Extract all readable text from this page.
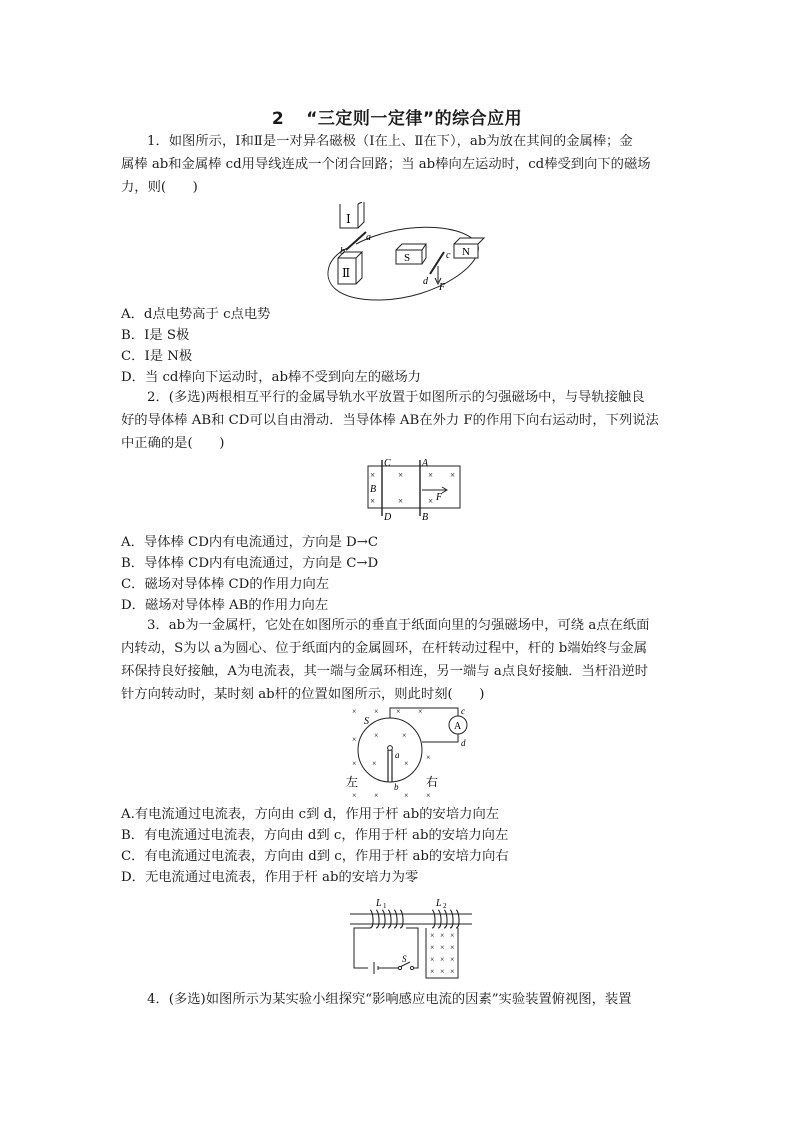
2 “三定则一定律”的综合应用
1．如图所示，Ⅰ和Ⅱ是一对异名磁极（Ⅰ在上、Ⅱ在下），ab为放在其间的金属棒；金
属棒 ab和金属棒 cd用导线连成一个闭合回路；当 ab棒向左运动时，cd棒受到向下的磁场
力，则(　　)
Ⅰ
Ⅱ
a
b
S	N
c
d
F
A．d点电势高于 c点电势
B．Ⅰ是 S极
C．Ⅰ是 N极
D．当 cd棒向下运动时，ab棒不受到向左的磁场力
2．(多选)两根相互平行的金属导轨水平放置于如图所示的匀强磁场中，与导轨接触良
好的导体棒 AB和 CD可以自由滑动．当导体棒 AB在外力 F的作用下向右运动时，下列说法
中正确的是(　　)
C	A
B
D	B
×	×	× ×
×	×
×	F
A．导体棒 CD内有电流通过，方向是 D→C
B．导体棒 CD内有电流通过，方向是 C→D
C．磁场对导体棒 CD的作用力向左
D．磁场对导体棒 AB的作用力向左
3．ab为一金属杆，它处在如图所示的垂直于纸面向里的匀强磁场中，可绕 a点在纸面
内转动，S为以 a为圆心、位于纸面内的金属圆环，在杆转动过程中，杆的 b端始终与金属
环保持良好接触，A为电流表，其一端与金属环相连，另一端与 a点良好接触．当杆沿逆时
针方向转动时，某时刻 ab杆的位置如图所示，则此时刻(　　)
A
c
d
S
a
b
左	右
× × × ×
× ×	×
×
× ×	×
× ×	× ×
A.有电流通过电流表，方向由 c到 d，作用于杆 ab的安培力向左
B．有电流通过电流表，方向由 d到 c，作用于杆 ab的安培力向左
C．有电流通过电流表，方向由 d到 c，作用于杆 ab的安培力向右
D．无电流通过电流表，作用于杆 ab的安培力为零
L 1	L 2
S
× × ×
× × ×
× × ×
× × ×
4．(多选)如图所示为某实验小组探究“影响感应电流的因素”实验装置俯视图，装置
